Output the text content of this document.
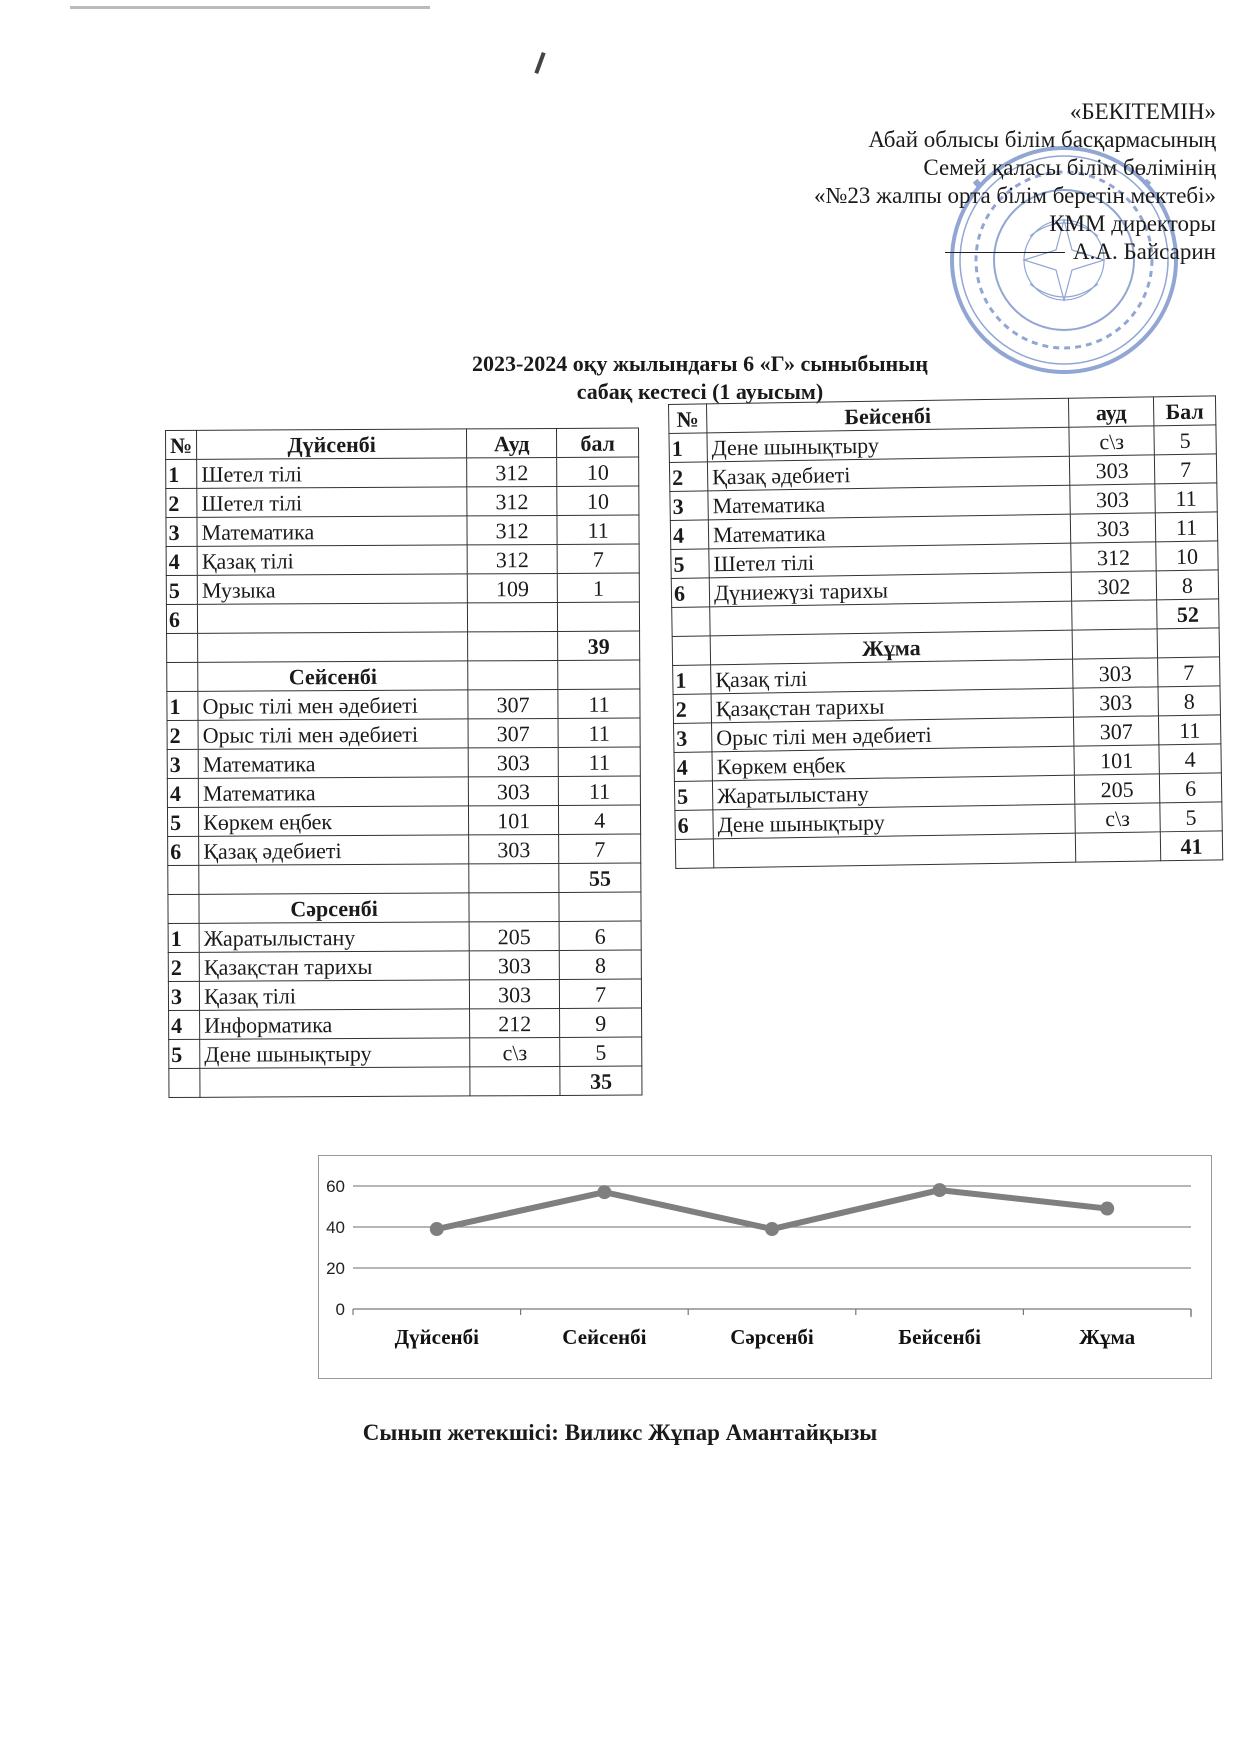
«БЕКІТЕМІН»
Абай облысы білім басқармасының
Семей қаласы білім бөлімінің
«№23 жалпы орта білім беретін мектебі»
КММ директоры
А.А. Байсарин
2023-2024 оқу жылындағы 6 «Г» сыныбының
сабақ кестесі (1 ауысым)
№	Дүйсенбі	Ауд	бал
1	Шетел тілі	312	10
2	Шетел тілі	312	10
3	Математика	312	11
4	Қазақ тілі	312	7
5	Музыка	109	1
6			
			39
	Сейсенбі		
1	Орыс тілі мен әдебиеті	307	11
2	Орыс тілі мен әдебиеті	307	11
3	Математика	303	11
4	Математика	303	11
5	Көркем еңбек	101	4
6	Қазақ әдебиеті	303	7
			55
	Сәрсенбі		
1	Жаратылыстану	205	6
2	Қазақстан тарихы	303	8
3	Қазақ тілі	303	7
4	Информатика	212	9
5	Дене шынықтыру	с\з	5
			35
№	Бейсенбі	ауд	Бал
1	Дене шынықтыру	с\з	5
2	Қазақ әдебиеті	303	7
3	Математика	303	11
4	Математика	303	11
5	Шетел тілі	312	10
6	Дүниежүзі тарихы	302	8
			52
	Жұма		
1	Қазақ тілі	303	7
2	Қазақстан тарихы	303	8
3	Орыс тілі мен әдебиеті	307	11
4	Көркем еңбек	101	4
5	Жаратылыстану	205	6
6	Дене шынықтыру	с\з	5
			41
0
20
40
60
Дүйсенбі	Сейсенбі	Сәрсенбі	Бейсенбі	Жұма
Сынып жетекшісі: Виликс Жұпар Амантайқызы
